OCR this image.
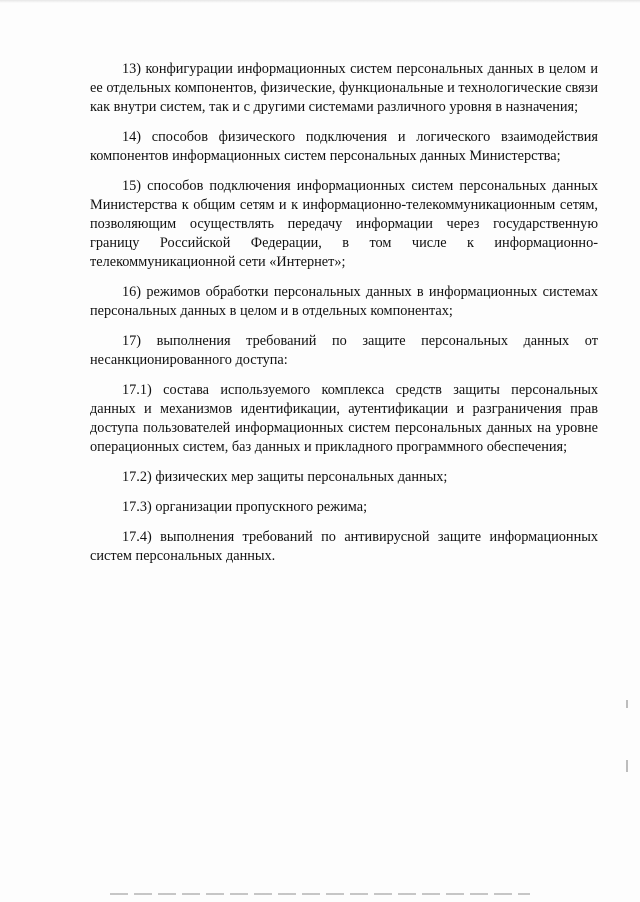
13) конфигурации информационных систем персональных данных в целом и ее отдельных компонентов, физические, функциональные и технологические связи как внутри систем, так и с другими системами различного уровня в назначения;

14) способов физического подключения и логического взаимодействия компонентов информационных систем персональных данных Министерства;

15) способов подключения информационных систем персональных данных Министерства к общим сетям и к информационно-телекоммуникационным сетям, позволяющим осуществлять передачу информации через государственную границу Российской Федерации, в том числе к информационно-телекоммуникационной сети «Интернет»;

16) режимов обработки персональных данных в информационных системах персональных данных в целом и в отдельных компонентах;

17) выполнения требований по защите персональных данных от несанкционированного доступа:

17.1) состава используемого комплекса средств защиты персональных данных и механизмов идентификации, аутентификации и разграничения прав доступа пользователей информационных систем персональных данных на уровне операционных систем, баз данных и прикладного программного обеспечения;

17.2) физических мер защиты персональных данных;

17.3) организации пропускного режима;

17.4) выполнения требований по антивирусной защите информационных систем персональных данных.
